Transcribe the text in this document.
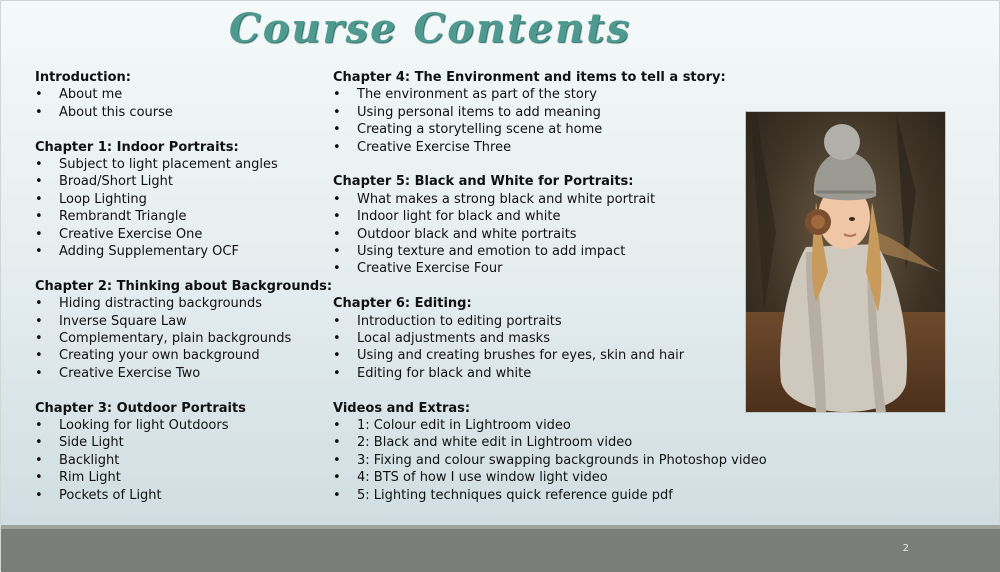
Course Contents
Introduction:
• About me
• About this course
Chapter 1: Indoor Portraits:
• Subject to light placement angles
• Broad/Short Light
• Loop Lighting
• Rembrandt Triangle
• Creative Exercise One
• Adding Supplementary OCF
Chapter 2: Thinking about Backgrounds:
• Hiding distracting backgrounds
• Inverse Square Law
• Complementary, plain backgrounds
• Creating your own background
• Creative Exercise Two
Chapter 3: Outdoor Portraits
• Looking for light Outdoors
• Side Light
• Backlight
• Rim Light
• Pockets of Light
Chapter 4: The Environment and items to tell a story:
• The environment as part of the story
• Using personal items to add meaning
• Creating a storytelling scene at home
• Creative Exercise Three
Chapter 5: Black and White for Portraits:
• What makes a strong black and white portrait
• Indoor light for black and white
• Outdoor black and white portraits
• Using texture and emotion to add impact
• Creative Exercise Four
Chapter 6: Editing:
• Introduction to editing portraits
• Local adjustments and masks
• Using and creating brushes for eyes, skin and hair
• Editing for black and white
Videos and Extras:
• 1: Colour edit in Lightroom video
• 2: Black and white edit in Lightroom video
• 3: Fixing and colour swapping backgrounds in Photoshop video
• 4: BTS of how I use window light video
• 5: Lighting techniques quick reference guide pdf
2
